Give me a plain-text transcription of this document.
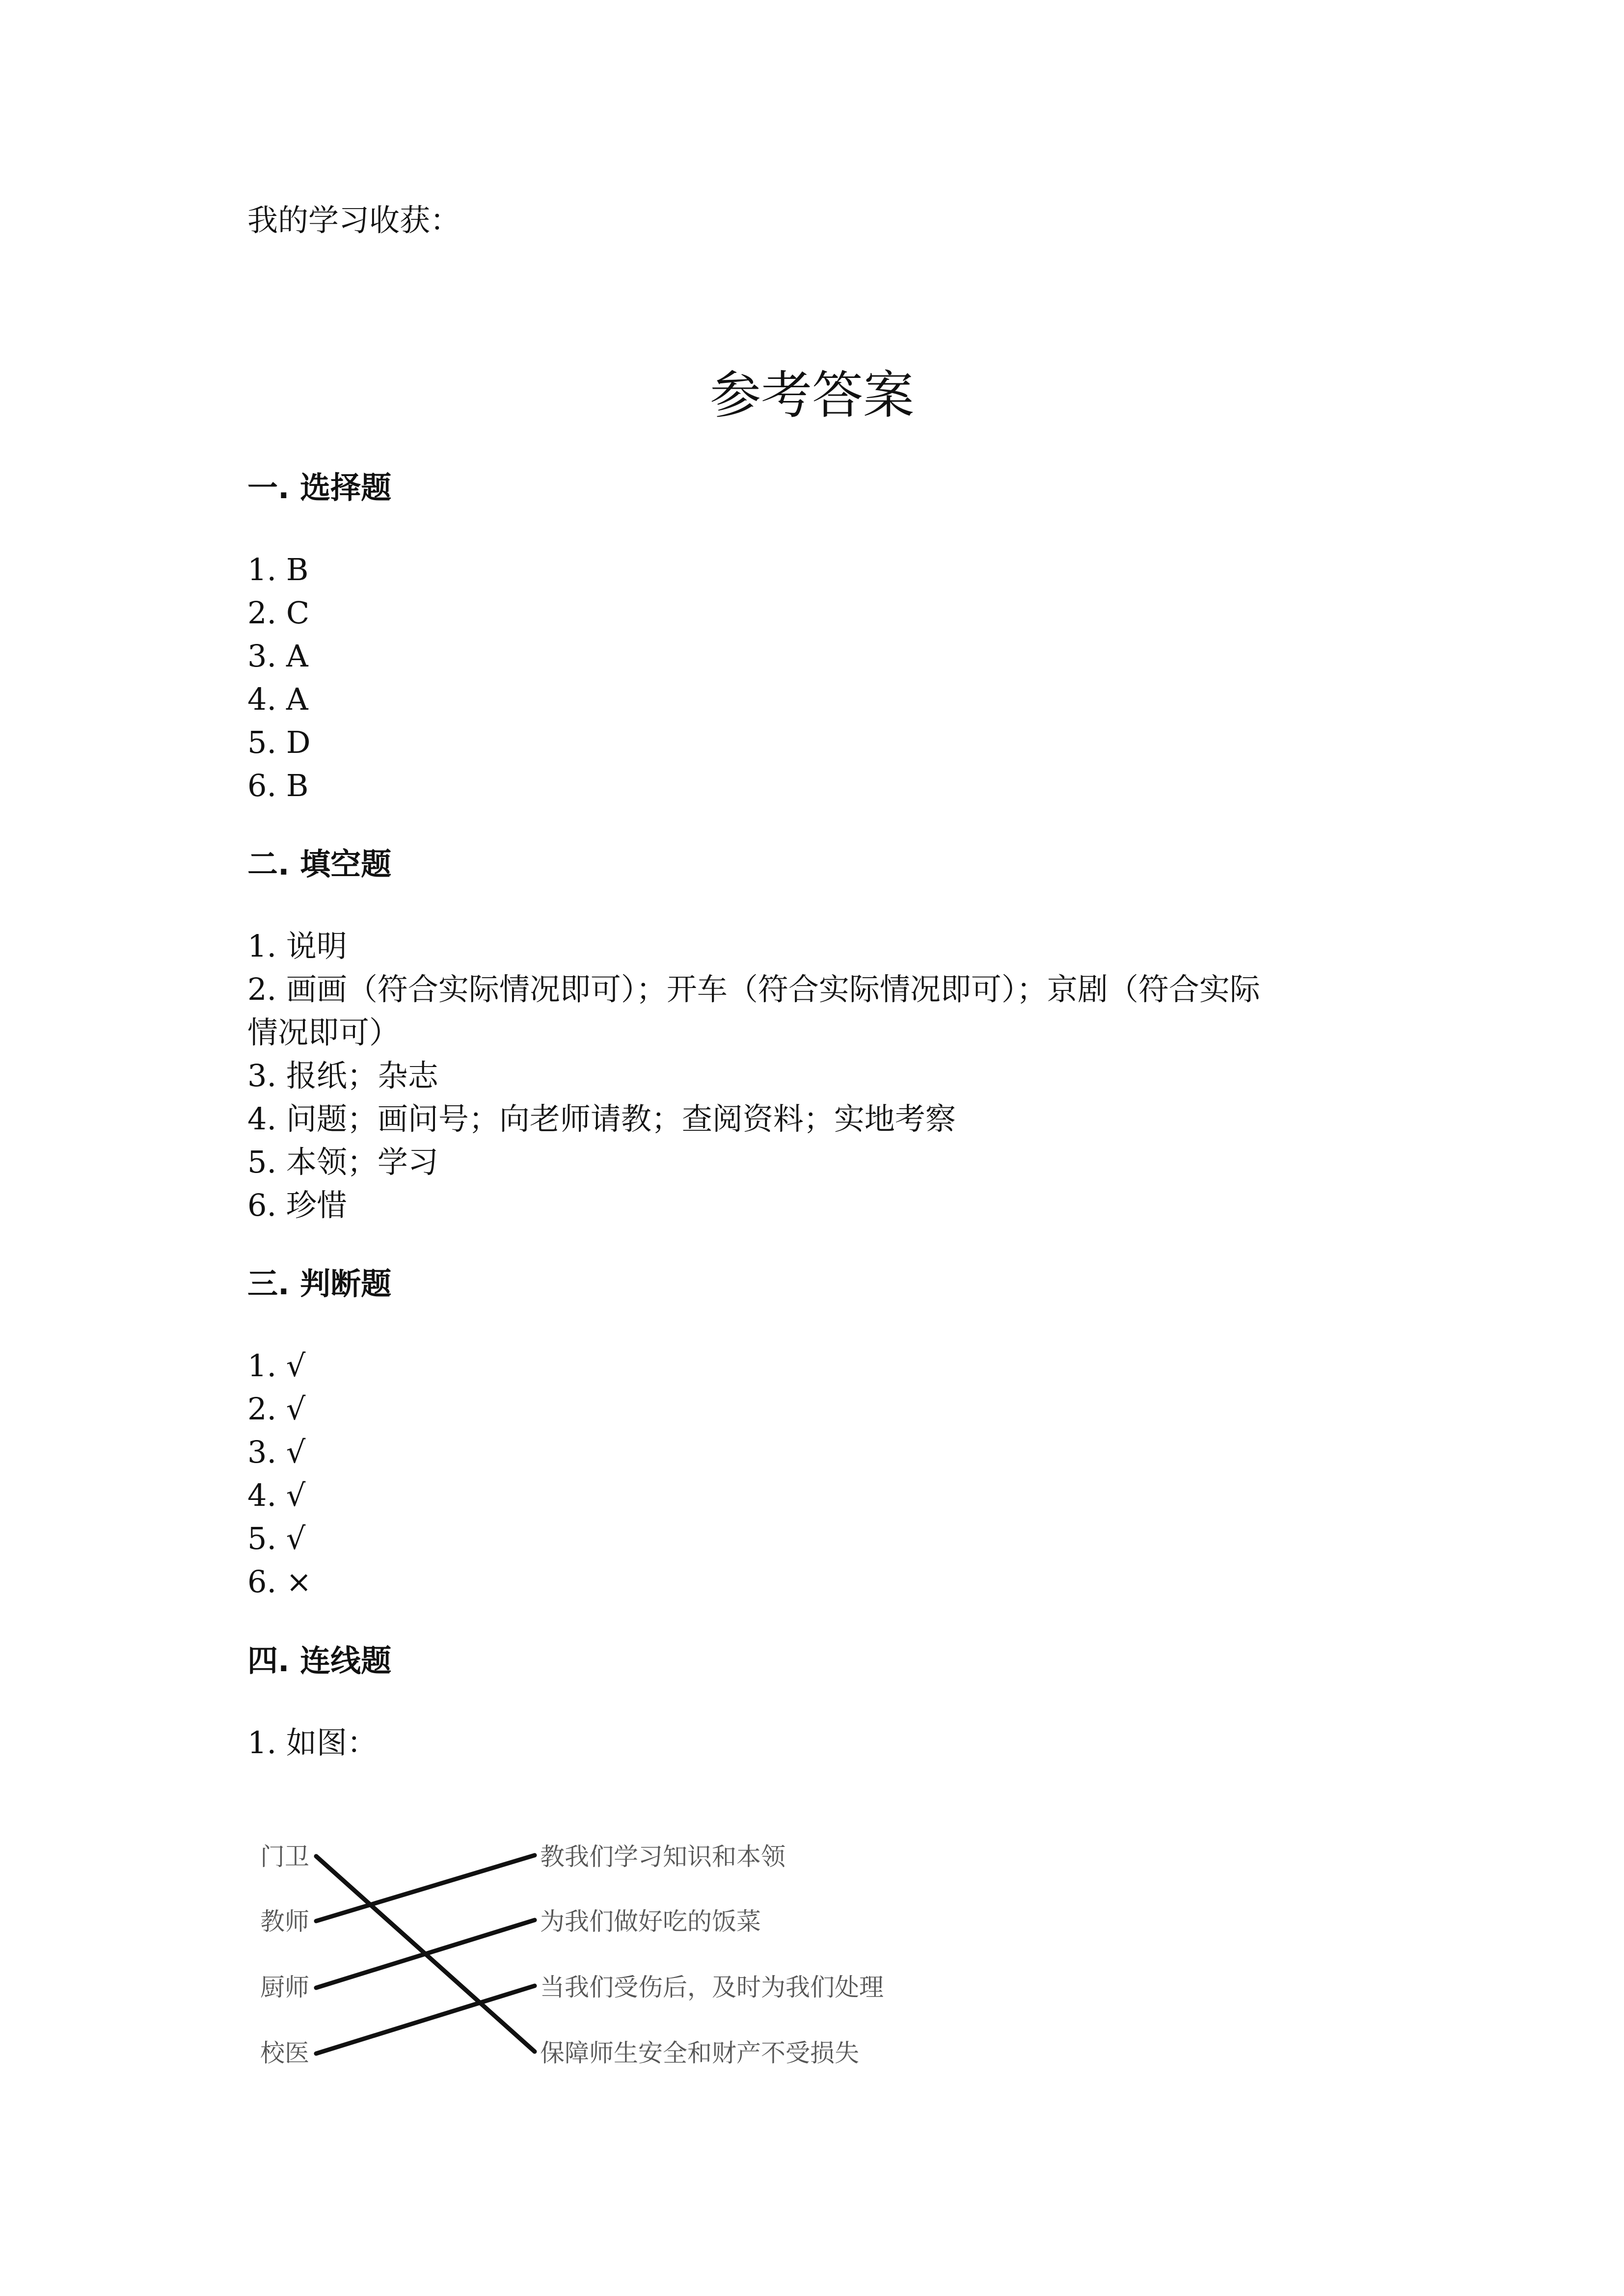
我的学习收获：

参考答案

一. 选择题

1. B

2. C

3. A

4. A

5. D

6. B

二. 填空题

1. 说明

2. 画画（符合实际情况即可）；开车（符合实际情况即可）；京剧（符合实际

情况即可）

3. 报纸；杂志

4. 问题；画问号；向老师请教；查阅资料；实地考察

5. 本领；学习

6. 珍惜

三. 判断题

1. √

2. √

3. √

4. √

5. √

6. ×

四. 连线题

1. 如图：

门卫
教师
厨师
校医
教我们学习知识和本领
为我们做好吃的饭菜
当我们受伤后，及时为我们处理
保障师生安全和财产不受损失
